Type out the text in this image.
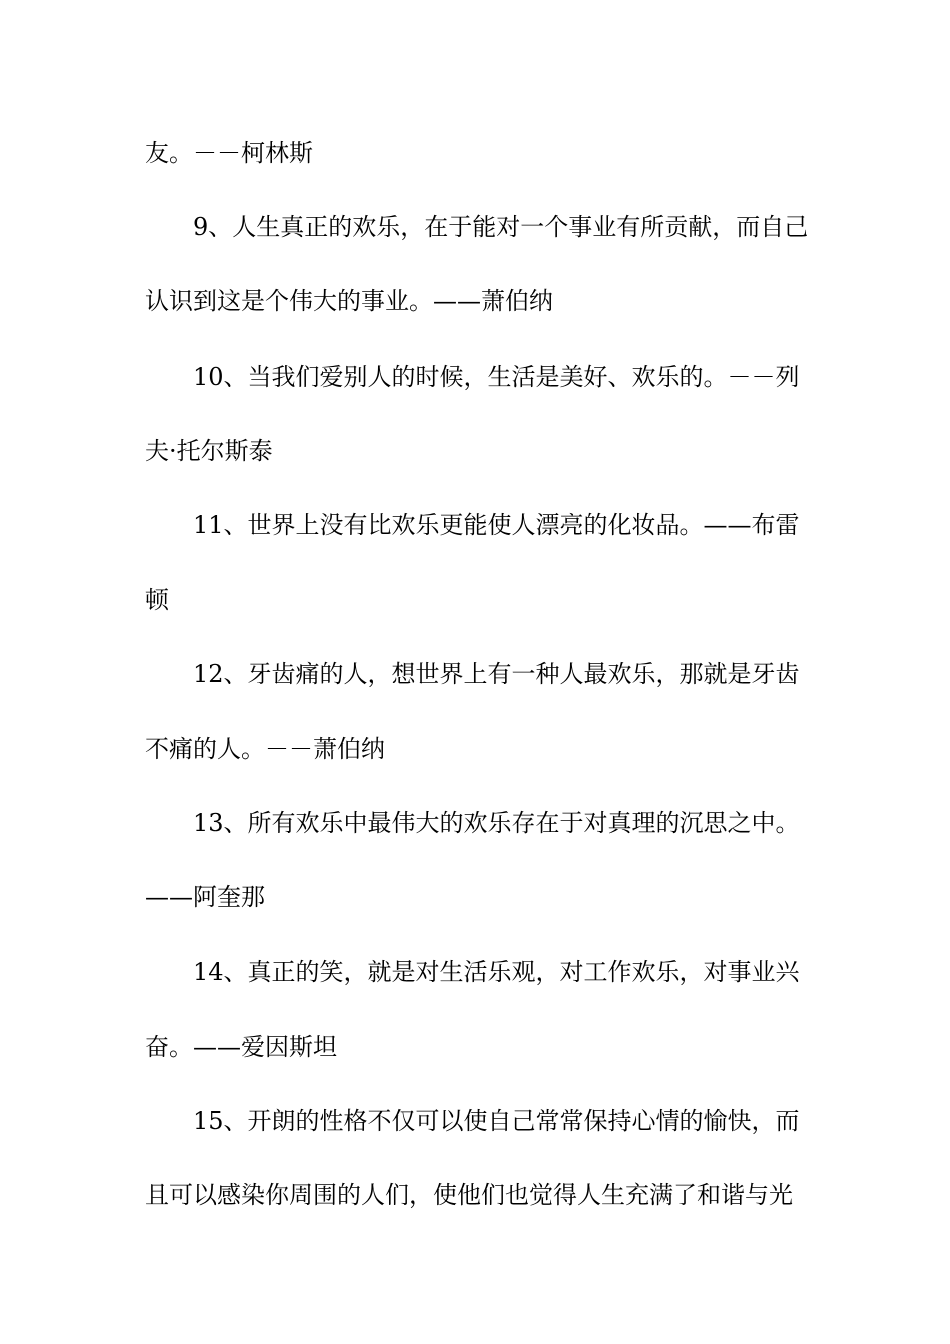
友。－－柯林斯
9、人生真正的欢乐，在于能对一个事业有所贡献，而自己
认识到这是个伟大的事业。——萧伯纳
10、当我们爱别人的时候，生活是美好、欢乐的。－－列
夫·托尔斯泰
11、世界上没有比欢乐更能使人漂亮的化妆品。——布雷
顿
12、牙齿痛的人，想世界上有一种人最欢乐，那就是牙齿
不痛的人。－－萧伯纳
13、所有欢乐中最伟大的欢乐存在于对真理的沉思之中。
——阿奎那
14、真正的笑，就是对生活乐观，对工作欢乐，对事业兴
奋。——爱因斯坦
15、开朗的性格不仅可以使自己常常保持心情的愉快，而
且可以感染你周围的人们，使他们也觉得人生充满了和谐与光
